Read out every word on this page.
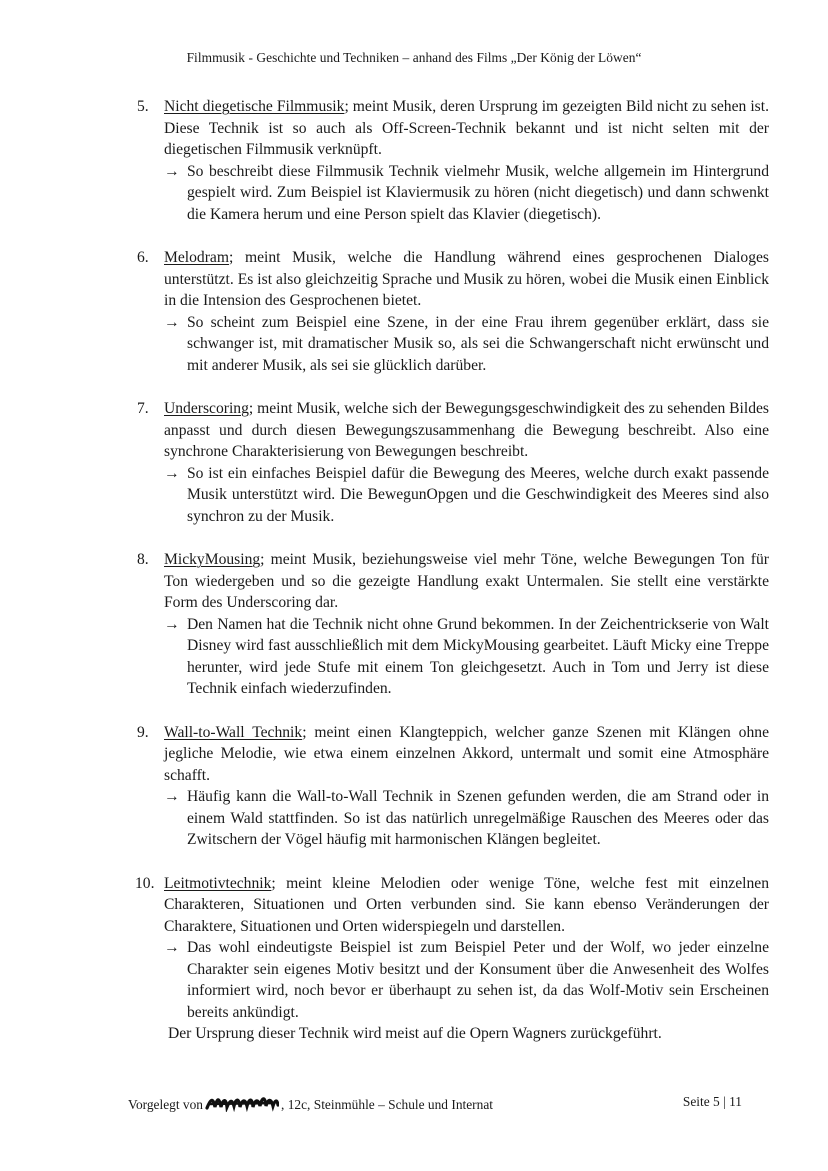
Filmmusik - Geschichte und Techniken – anhand des Films „Der König der Löwen“
5. Nicht diegetische Filmmusik; meint Musik, deren Ursprung im gezeigten Bild nicht zu sehen ist. Diese Technik ist so auch als Off-Screen-Technik bekannt und ist nicht selten mit der diegetischen Filmmusik verknüpft.
→ So beschreibt diese Filmmusik Technik vielmehr Musik, welche allgemein im Hintergrund gespielt wird. Zum Beispiel ist Klaviermusik zu hören (nicht diegetisch) und dann schwenkt die Kamera herum und eine Person spielt das Klavier (diegetisch).
6. Melodram; meint Musik, welche die Handlung während eines gesprochenen Dialoges unterstützt. Es ist also gleichzeitig Sprache und Musik zu hören, wobei die Musik einen Einblick in die Intension des Gesprochenen bietet.
→ So scheint zum Beispiel eine Szene, in der eine Frau ihrem gegenüber erklärt, dass sie schwanger ist, mit dramatischer Musik so, als sei die Schwangerschaft nicht erwünscht und mit anderer Musik, als sei sie glücklich darüber.
7. Underscoring; meint Musik, welche sich der Bewegungsgeschwindigkeit des zu sehenden Bildes anpasst und durch diesen Bewegungszusammenhang die Bewegung beschreibt. Also eine synchrone Charakterisierung von Bewegungen beschreibt.
→ So ist ein einfaches Beispiel dafür die Bewegung des Meeres, welche durch exakt passende Musik unterstützt wird. Die BewegunOpgen und die Geschwindigkeit des Meeres sind also synchron zu der Musik.
8. MickyMousing; meint Musik, beziehungsweise viel mehr Töne, welche Bewegungen Ton für Ton wiedergeben und so die gezeigte Handlung exakt Untermalen. Sie stellt eine verstärkte Form des Underscoring dar.
→ Den Namen hat die Technik nicht ohne Grund bekommen. In der Zeichentrickserie von Walt Disney wird fast ausschließlich mit dem MickyMousing gearbeitet. Läuft Micky eine Treppe herunter, wird jede Stufe mit einem Ton gleichgesetzt. Auch in Tom und Jerry ist diese Technik einfach wiederzufinden.
9. Wall-to-Wall Technik; meint einen Klangteppich, welcher ganze Szenen mit Klängen ohne jegliche Melodie, wie etwa einem einzelnen Akkord, untermalt und somit eine Atmosphäre schafft.
→ Häufig kann die Wall-to-Wall Technik in Szenen gefunden werden, die am Strand oder in einem Wald stattfinden. So ist das natürlich unregelmäßige Rauschen des Meeres oder das Zwitschern der Vögel häufig mit harmonischen Klängen begleitet.
10. Leitmotivtechnik; meint kleine Melodien oder wenige Töne, welche fest mit einzelnen Charakteren, Situationen und Orten verbunden sind. Sie kann ebenso Veränderungen der Charaktere, Situationen und Orten widerspiegeln und darstellen.
→ Das wohl eindeutigste Beispiel ist zum Beispiel Peter und der Wolf, wo jeder einzelne Charakter sein eigenes Motiv besitzt und der Konsument über die Anwesenheit des Wolfes informiert wird, noch bevor er überhaupt zu sehen ist, da das Wolf-Motiv sein Erscheinen bereits ankündigt.
Der Ursprung dieser Technik wird meist auf die Opern Wagners zurückgeführt.
Vorgelegt von	, 12c, Steinmühle – Schule und Internat	Seite 5 | 11
